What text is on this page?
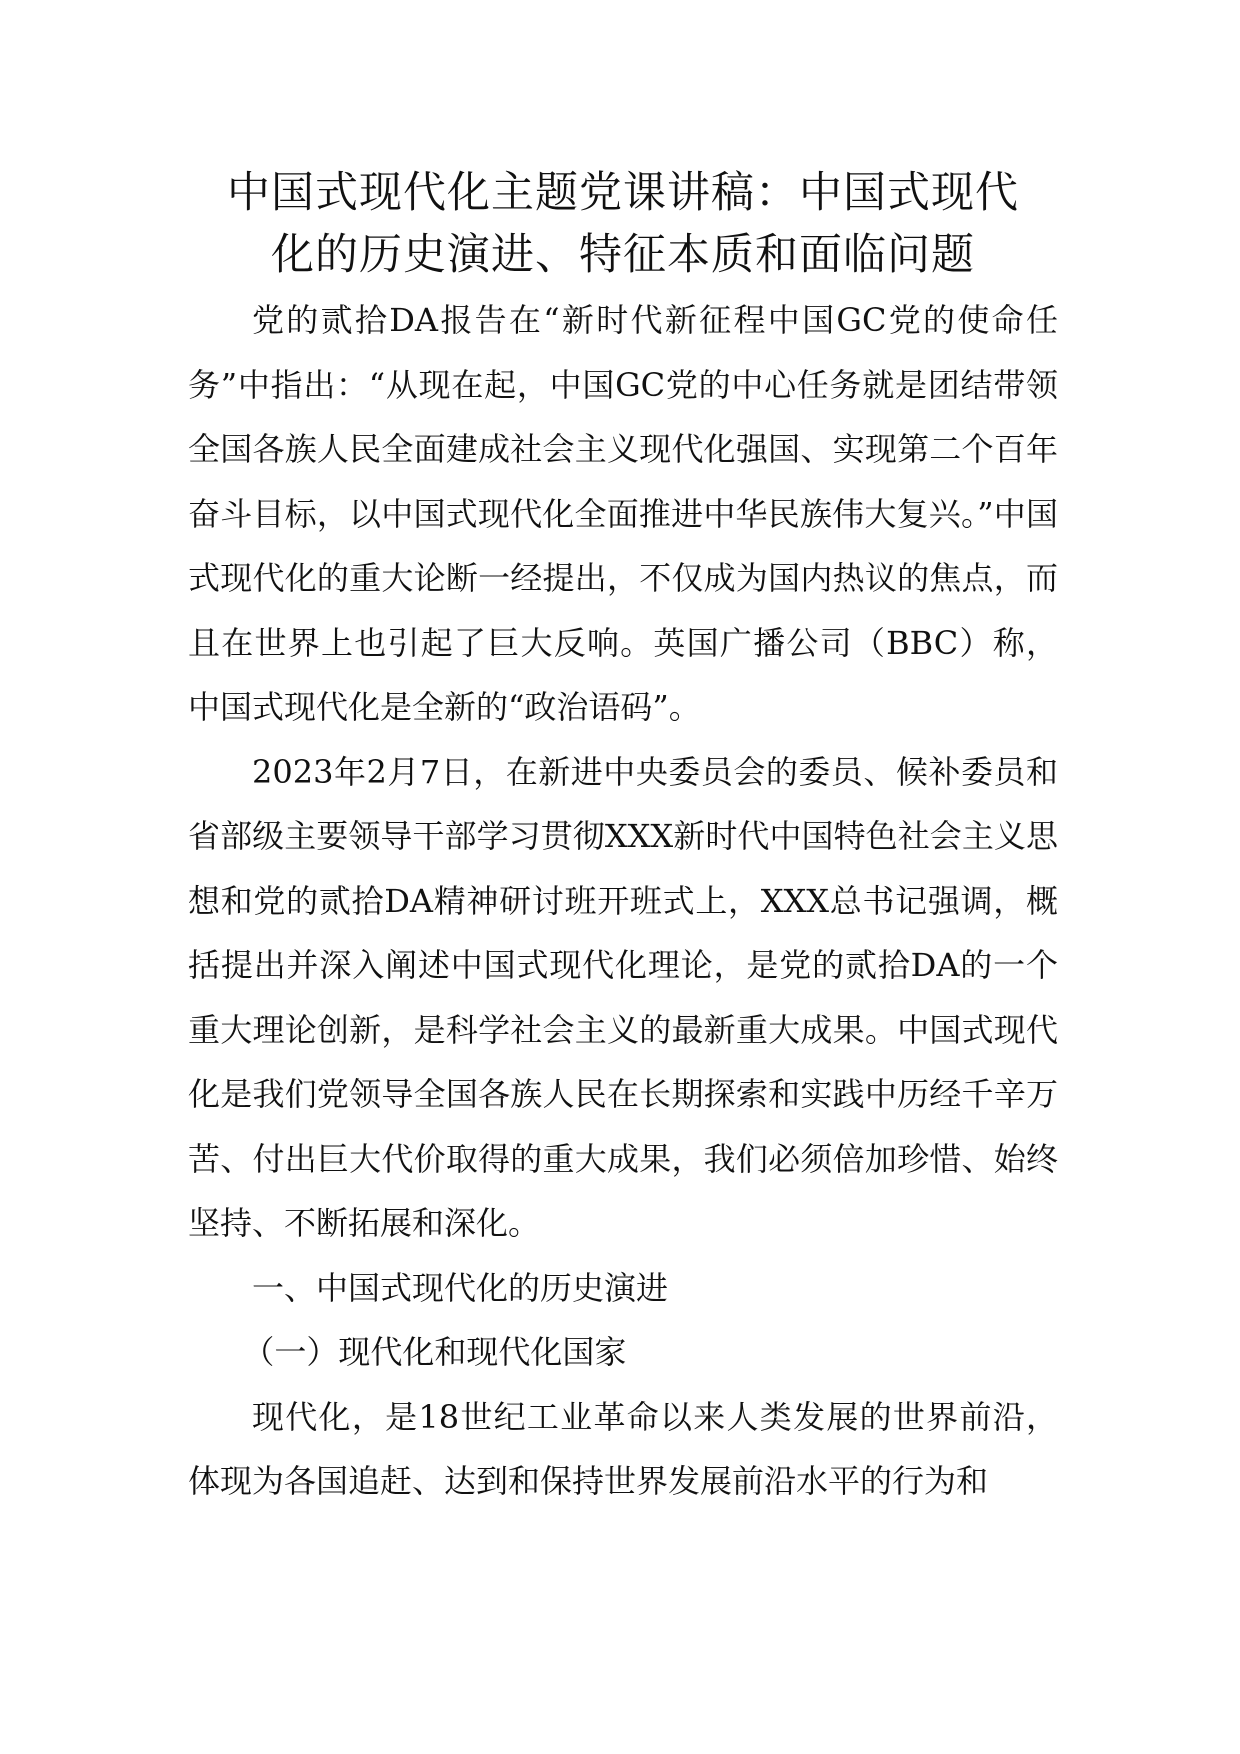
中国式现代化主题党课讲稿：中国式现代
化的历史演进、特征本质和面临问题

党的贰拾DA报告在“新时代新征程中国GC党的使命任务”中指出：“从现在起，中国GC党的中心任务就是团结带领全国各族人民全面建成社会主义现代化强国、实现第二个百年奋斗目标，以中国式现代化全面推进中华民族伟大复兴。”中国式现代化的重大论断一经提出，不仅成为国内热议的焦点，而且在世界上也引起了巨大反响。英国广播公司（BBC）称，中国式现代化是全新的“政治语码”。

2023年2月7日，在新进中央委员会的委员、候补委员和省部级主要领导干部学习贯彻XXX新时代中国特色社会主义思想和党的贰拾DA精神研讨班开班式上，XXX总书记强调，概括提出并深入阐述中国式现代化理论，是党的贰拾DA的一个重大理论创新，是科学社会主义的最新重大成果。中国式现代化是我们党领导全国各族人民在长期探索和实践中历经千辛万苦、付出巨大代价取得的重大成果，我们必须倍加珍惜、始终坚持、不断拓展和深化。

一、中国式现代化的历史演进

（一）现代化和现代化国家

现代化，是18世纪工业革命以来人类发展的世界前沿，体现为各国追赶、达到和保持世界发展前沿水平的行为和
